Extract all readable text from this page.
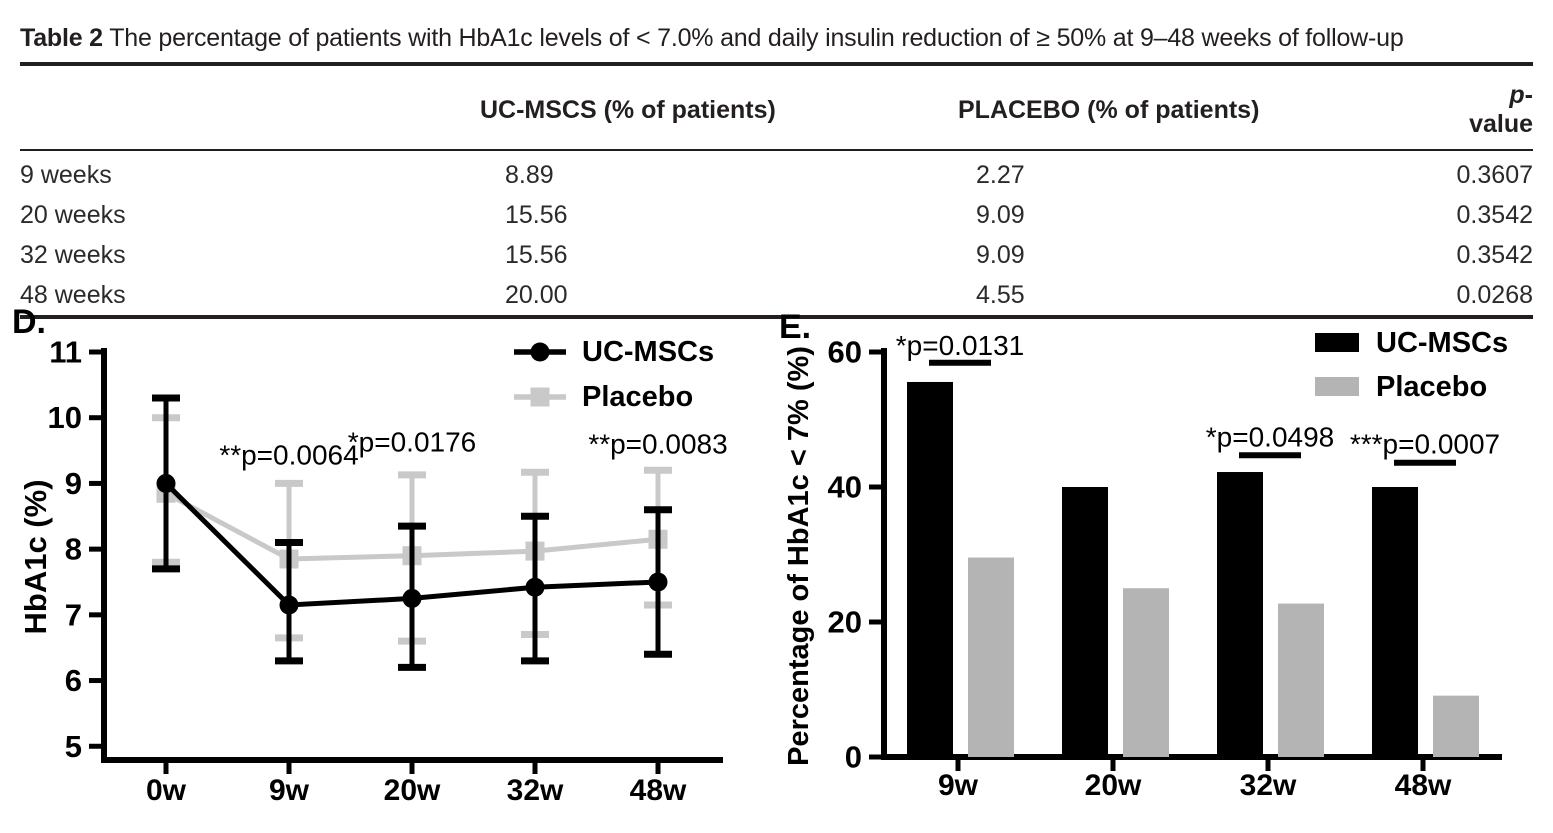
Table 2 The percentage of patients with HbA1c levels of < 7.0% and daily insulin reduction of ≥ 50% at 9–48 weeks of follow-up
	UC-MSCS (% of patients)	PLACEBO (% of patients)	p-value
9 weeks	8.89	2.27	0.3607
20 weeks	15.56	9.09	0.3542
32 weeks	15.56	9.09	0.3542
48 weeks	20.00	4.55	0.0268
D.
5
6
7
8
9
10
11
0w	9w 20w 32w 48w
HbA1c (%)
**p=0.0064
*p=0.0176	**p=0.0083
UC-MSCs
Placebo
E.
0
20
40
60
9w	20w	32w	48w
Percentage of HbA1c < 7% (%)
*p=0.0131
*p=0.0498 ***p=0.0007
UC-MSCs
Placebo
